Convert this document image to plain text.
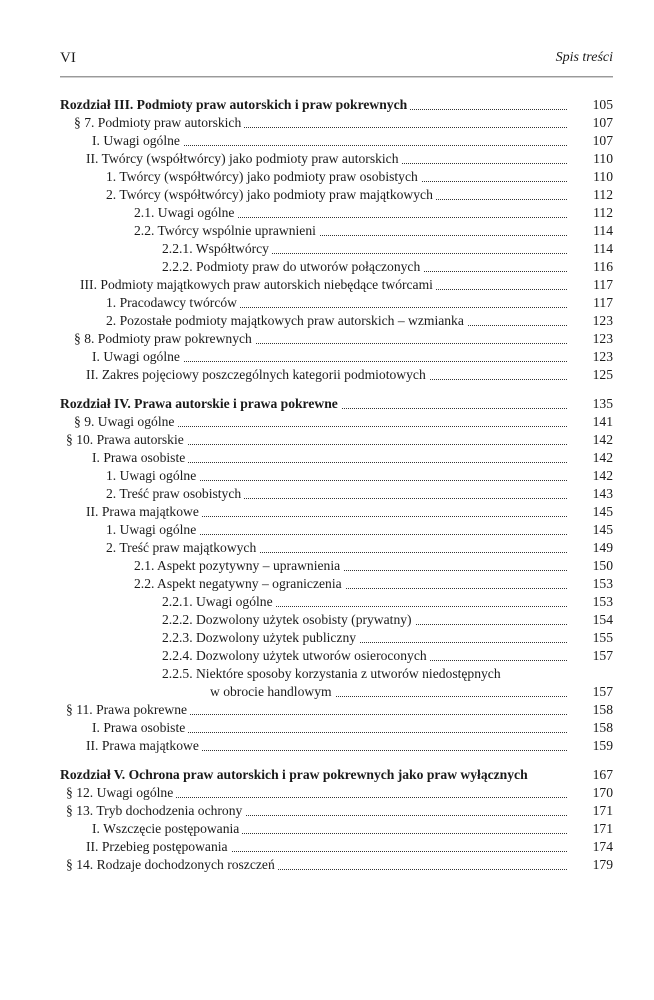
VI	Spis treści
Rozdział III. Podmioty praw autorskich i praw pokrewnych	105
§ 7. Podmioty praw autorskich	107
I. Uwagi ogólne	107
II. Twórcy (współtwórcy) jako podmioty praw autorskich	110
1. Twórcy (współtwórcy) jako podmioty praw osobistych	110
2. Twórcy (współtwórcy) jako podmioty praw majątkowych	112
2.1. Uwagi ogólne	112
2.2. Twórcy wspólnie uprawnieni	114
2.2.1. Współtwórcy	114
2.2.2. Podmioty praw do utworów połączonych	116
III. Podmioty majątkowych praw autorskich niebędące twórcami	117
1. Pracodawcy twórców	117
2. Pozostałe podmioty majątkowych praw autorskich – wzmianka	123
§ 8. Podmioty praw pokrewnych	123
I. Uwagi ogólne	123
II. Zakres pojęciowy poszczególnych kategorii podmiotowych	125
Rozdział IV. Prawa autorskie i prawa pokrewne	135
§ 9. Uwagi ogólne	141
§ 10. Prawa autorskie	142
I. Prawa osobiste	142
1. Uwagi ogólne	142
2. Treść praw osobistych	143
II. Prawa majątkowe	145
1. Uwagi ogólne	145
2. Treść praw majątkowych	149
2.1. Aspekt pozytywny – uprawnienia	150
2.2. Aspekt negatywny – ograniczenia	153
2.2.1. Uwagi ogólne	153
2.2.2. Dozwolony użytek osobisty (prywatny)	154
2.2.3. Dozwolony użytek publiczny	155
2.2.4. Dozwolony użytek utworów osieroconych	157
2.2.5. Niektóre sposoby korzystania z utworów niedostępnych
w obrocie handlowym	157
§ 11. Prawa pokrewne	158
I. Prawa osobiste	158
II. Prawa majątkowe	159
Rozdział V. Ochrona praw autorskich i praw pokrewnych jako praw wyłącznych	167
§ 12. Uwagi ogólne	170
§ 13. Tryb dochodzenia ochrony	171
I. Wszczęcie postępowania	171
II. Przebieg postępowania	174
§ 14. Rodzaje dochodzonych roszczeń	179
